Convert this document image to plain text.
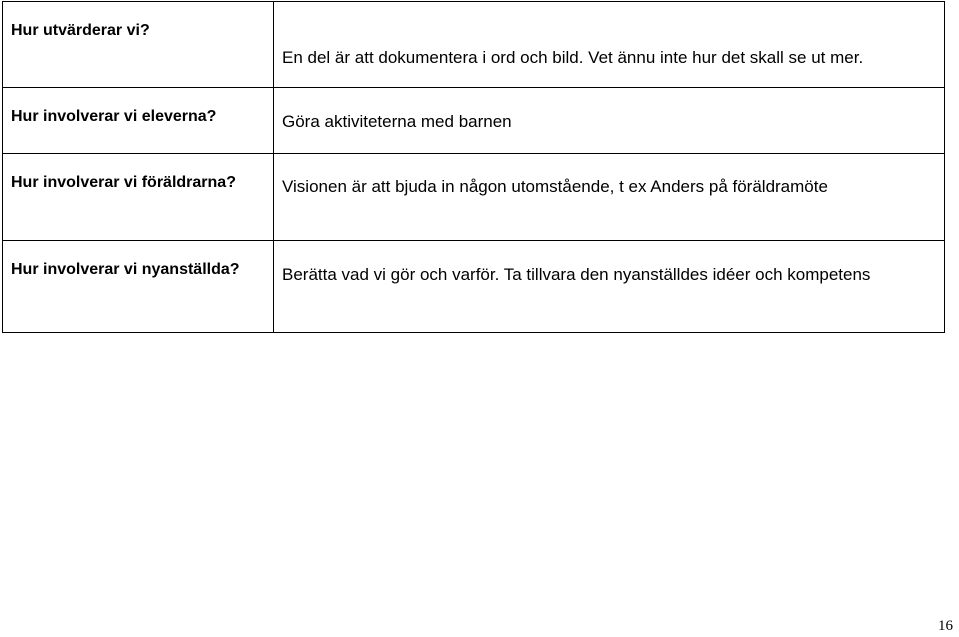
Hur utvärderar vi?	En del är att dokumentera i ord och bild. Vet ännu inte hur det skall se ut mer.

Hur involverar vi eleverna?	Göra aktiviteterna med barnen

Hur involverar vi föräldrarna?	Visionen är att bjuda in någon utomstående, t ex Anders på föräldramöte

Hur involverar vi nyanställda?	Berätta vad vi gör och varför. Ta tillvara den nyanställdes idéer och kompetens
16
